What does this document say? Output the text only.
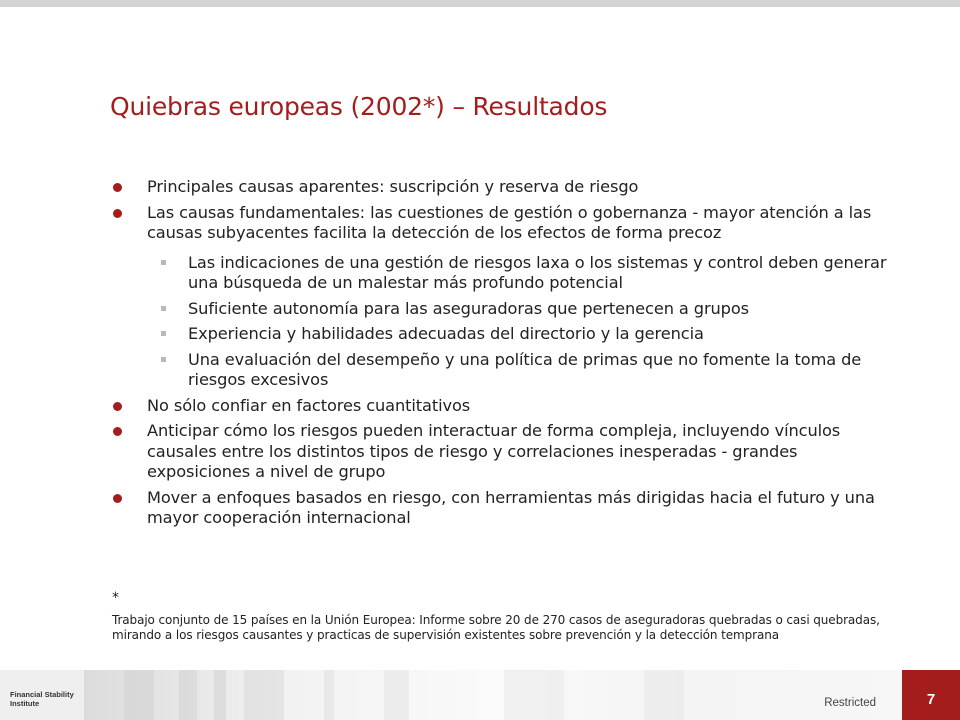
Quiebras europeas (2002*) – Resultados
Principales causas aparentes: suscripción y reserva de riesgo
Las causas fundamentales: las cuestiones de gestión o gobernanza - mayor atención a las causas subyacentes facilita la detección de los efectos de forma precoz
Las indicaciones de una gestión de riesgos laxa o los sistemas y control deben generar una búsqueda de un malestar más profundo potencial
Suficiente autonomía para las aseguradoras que pertenecen a grupos
Experiencia y habilidades adecuadas del directorio y la gerencia
Una evaluación del desempeño y una política de primas que no fomente la toma de riesgos excesivos
No sólo confiar en factores cuantitativos
Anticipar cómo los riesgos pueden interactuar de forma compleja, incluyendo vínculos causales entre los distintos tipos de riesgo y correlaciones inesperadas - grandes exposiciones a nivel de grupo
Mover a enfoques basados en riesgo, con herramientas más dirigidas hacia el futuro y una mayor cooperación internacional
*
Trabajo conjunto de 15 países en la Unión Europea: Informe sobre 20 de 270 casos de aseguradoras quebradas o casi quebradas, mirando a los riesgos causantes y practicas de supervisión existentes sobre prevención y la detección temprana
Financial Stability
Institute	Restricted	7
